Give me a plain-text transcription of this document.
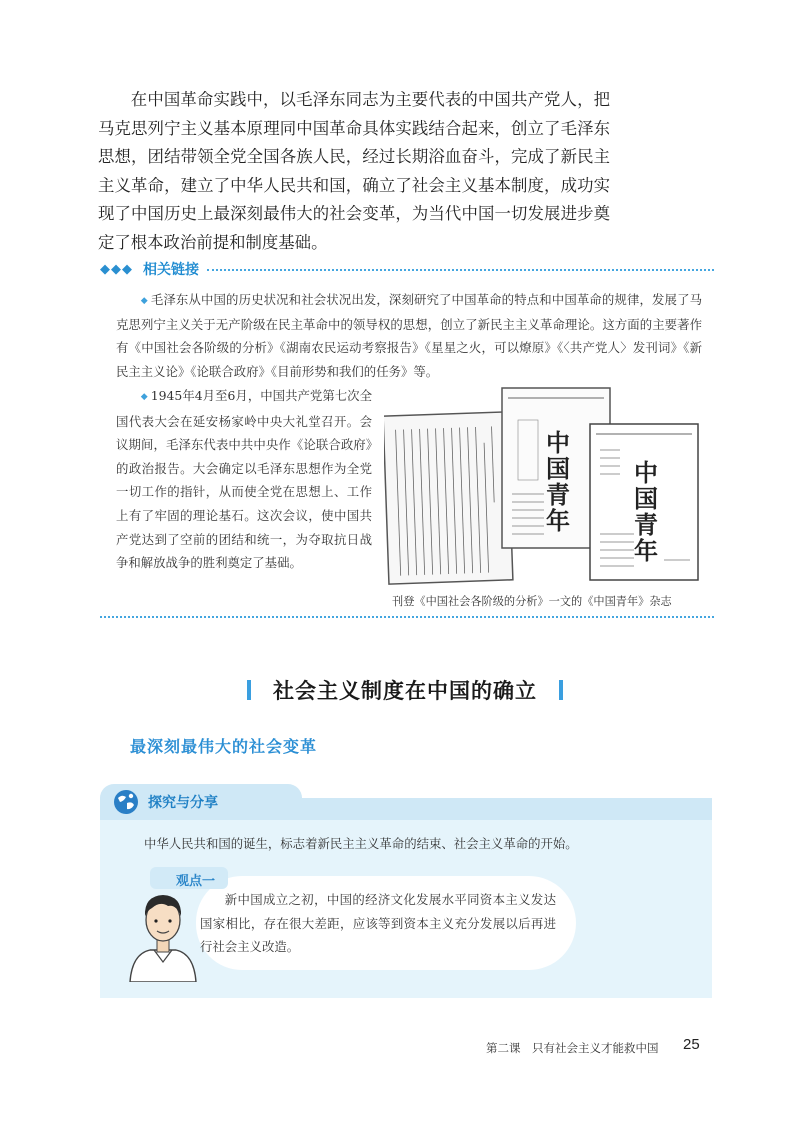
在中国革命实践中，以毛泽东同志为主要代表的中国共产党人，把马克思列宁主义基本原理同中国革命具体实践结合起来，创立了毛泽东思想，团结带领全党全国各族人民，经过长期浴血奋斗，完成了新民主主义革命，建立了中华人民共和国，确立了社会主义基本制度，成功实现了中国历史上最深刻最伟大的社会变革，为当代中国一切发展进步奠定了根本政治前提和制度基础。

◆◆◆ 相关链接
◆ 毛泽东从中国的历史状况和社会状况出发，深刻研究了中国革命的特点和中国革命的规律，发展了马克思列宁主义关于无产阶级在民主革命中的领导权的思想，创立了新民主主义革命理论。这方面的主要著作有《中国社会各阶级的分析》《湖南农民运动考察报告》《星星之火，可以燎原》《〈共产党人〉发刊词》《新民主主义论》《论联合政府》《目前形势和我们的任务》等。
◆ 1945年4月至6月，中国共产党第七次全国代表大会在延安杨家岭中央大礼堂召开。会议期间，毛泽东代表中共中央作《论联合政府》的政治报告。大会确定以毛泽东思想作为全党一切工作的指针，从而使全党在思想上、工作上有了牢固的理论基石。这次会议，使中国共产党达到了空前的团结和统一，为夺取抗日战争和解放战争的胜利奠定了基础。
中国青年 中国青年
刊登《中国社会各阶级的分析》一文的《中国青年》杂志
社会主义制度在中国的确立
最深刻最伟大的社会变革
探究与分享
中华人民共和国的诞生，标志着新民主主义革命的结束、社会主义革命的开始。
观点一
新中国成立之初，中国的经济文化发展水平同资本主义发达国家相比，存在很大差距，应该等到资本主义充分发展以后再进行社会主义改造。
第二课　只有社会主义才能救中国 25
